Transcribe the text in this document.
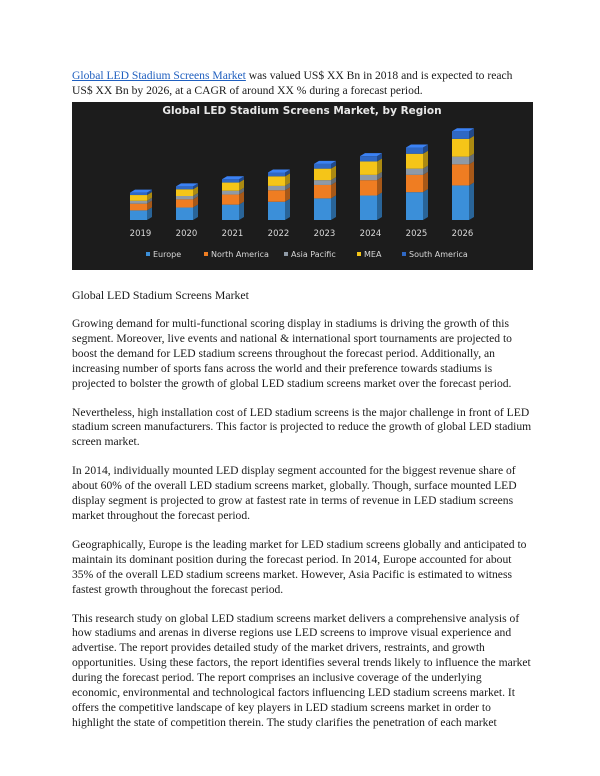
Global LED Stadium Screens Market was valued US$ XX Bn in 2018 and is expected to reach US$ XX Bn by 2026, at a CAGR of around XX % during a forecast period.

Global LED Stadium Screens Market, by Region
2019	2020	2021	2022	2023	2024	2025	2026
Europe	North America	Asia Pacific	MEA	South America

Global LED Stadium Screens Market

Growing demand for multi-functional scoring display in stadiums is driving the growth of this segment. Moreover, live events and national & international sport tournaments are projected to boost the demand for LED stadium screens throughout the forecast period. Additionally, an increasing number of sports fans across the world and their preference towards stadiums is projected to bolster the growth of global LED stadium screens market over the forecast period.

Nevertheless, high installation cost of LED stadium screens is the major challenge in front of LED stadium screen manufacturers. This factor is projected to reduce the growth of global LED stadium screen market.

In 2014, individually mounted LED display segment accounted for the biggest revenue share of about 60% of the overall LED stadium screens market, globally. Though, surface mounted LED display segment is projected to grow at fastest rate in terms of revenue in LED stadium screens market throughout the forecast period.

Geographically, Europe is the leading market for LED stadium screens globally and anticipated to maintain its dominant position during the forecast period. In 2014, Europe accounted for about 35% of the overall LED stadium screens market. However, Asia Pacific is estimated to witness fastest growth throughout the forecast period.

This research study on global LED stadium screens market delivers a comprehensive analysis of how stadiums and arenas in diverse regions use LED screens to improve visual experience and advertise. The report provides detailed study of the market drivers, restraints, and growth opportunities. Using these factors, the report identifies several trends likely to influence the market during the forecast period. The report comprises an inclusive coverage of the underlying economic, environmental and technological factors influencing LED stadium screens market. It offers the competitive landscape of key players in LED stadium screens market in order to highlight the state of competition therein. The study clarifies the penetration of each market
